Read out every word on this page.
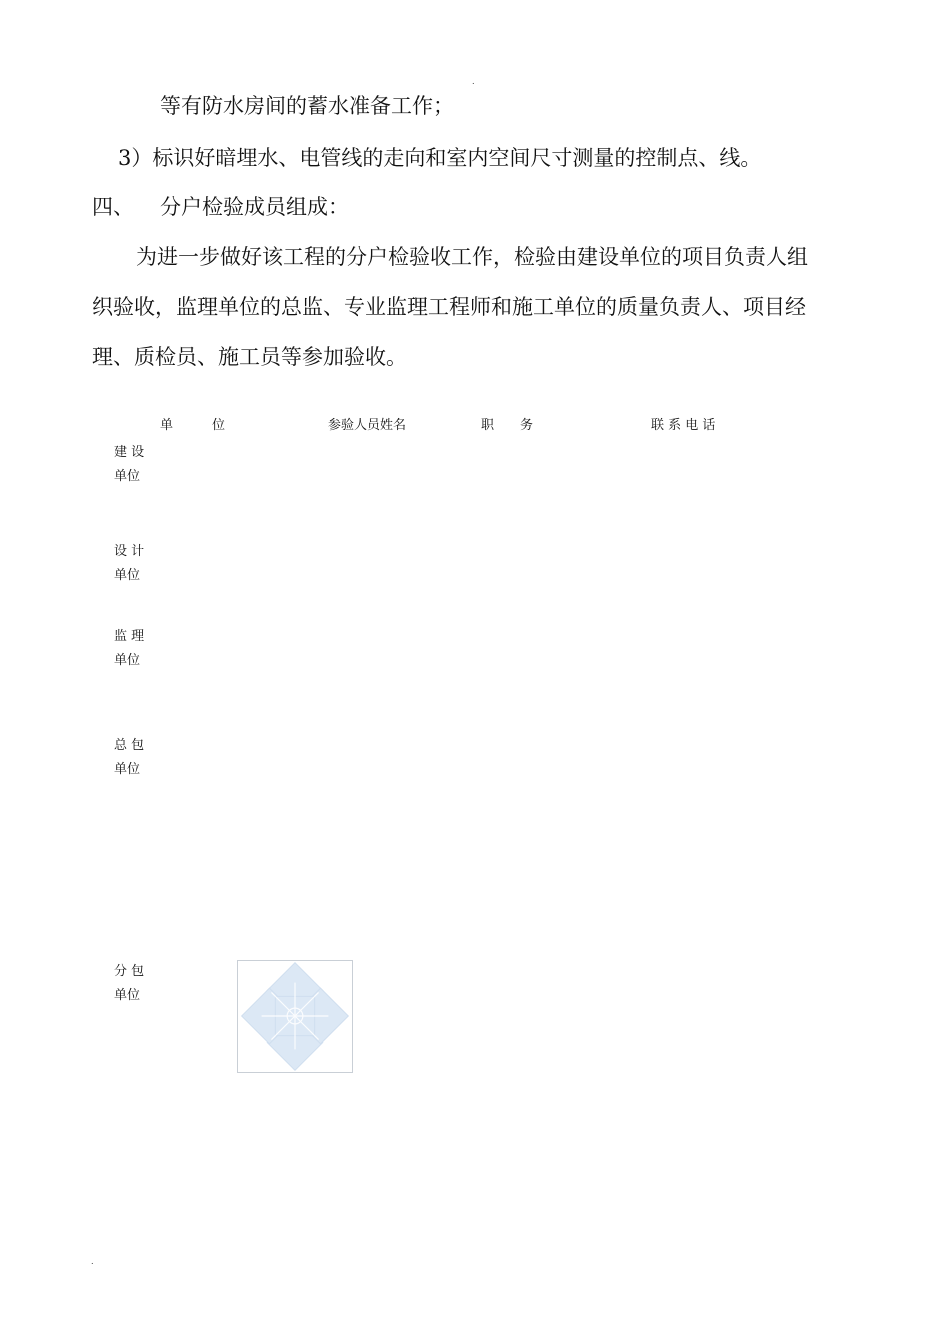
.
.
等有防水房间的蓄水准备工作；
3）标识好暗埋水、电管线的走向和室内空间尺寸测量的控制点、线。
四、 分户检验成员组成：
为进一步做好该工程的分户检验收工作，检验由建设单位的项目负责人组
织验收，监理单位的总监、专业监理工程师和施工单位的质量负责人、项目经
理、质检员、施工员等参加验收。
单　　　位	参验人员姓名	职　　务	联 系 电 话
建 设
单位
设 计
单位
监 理
单位
总 包
单位
分 包
单位
